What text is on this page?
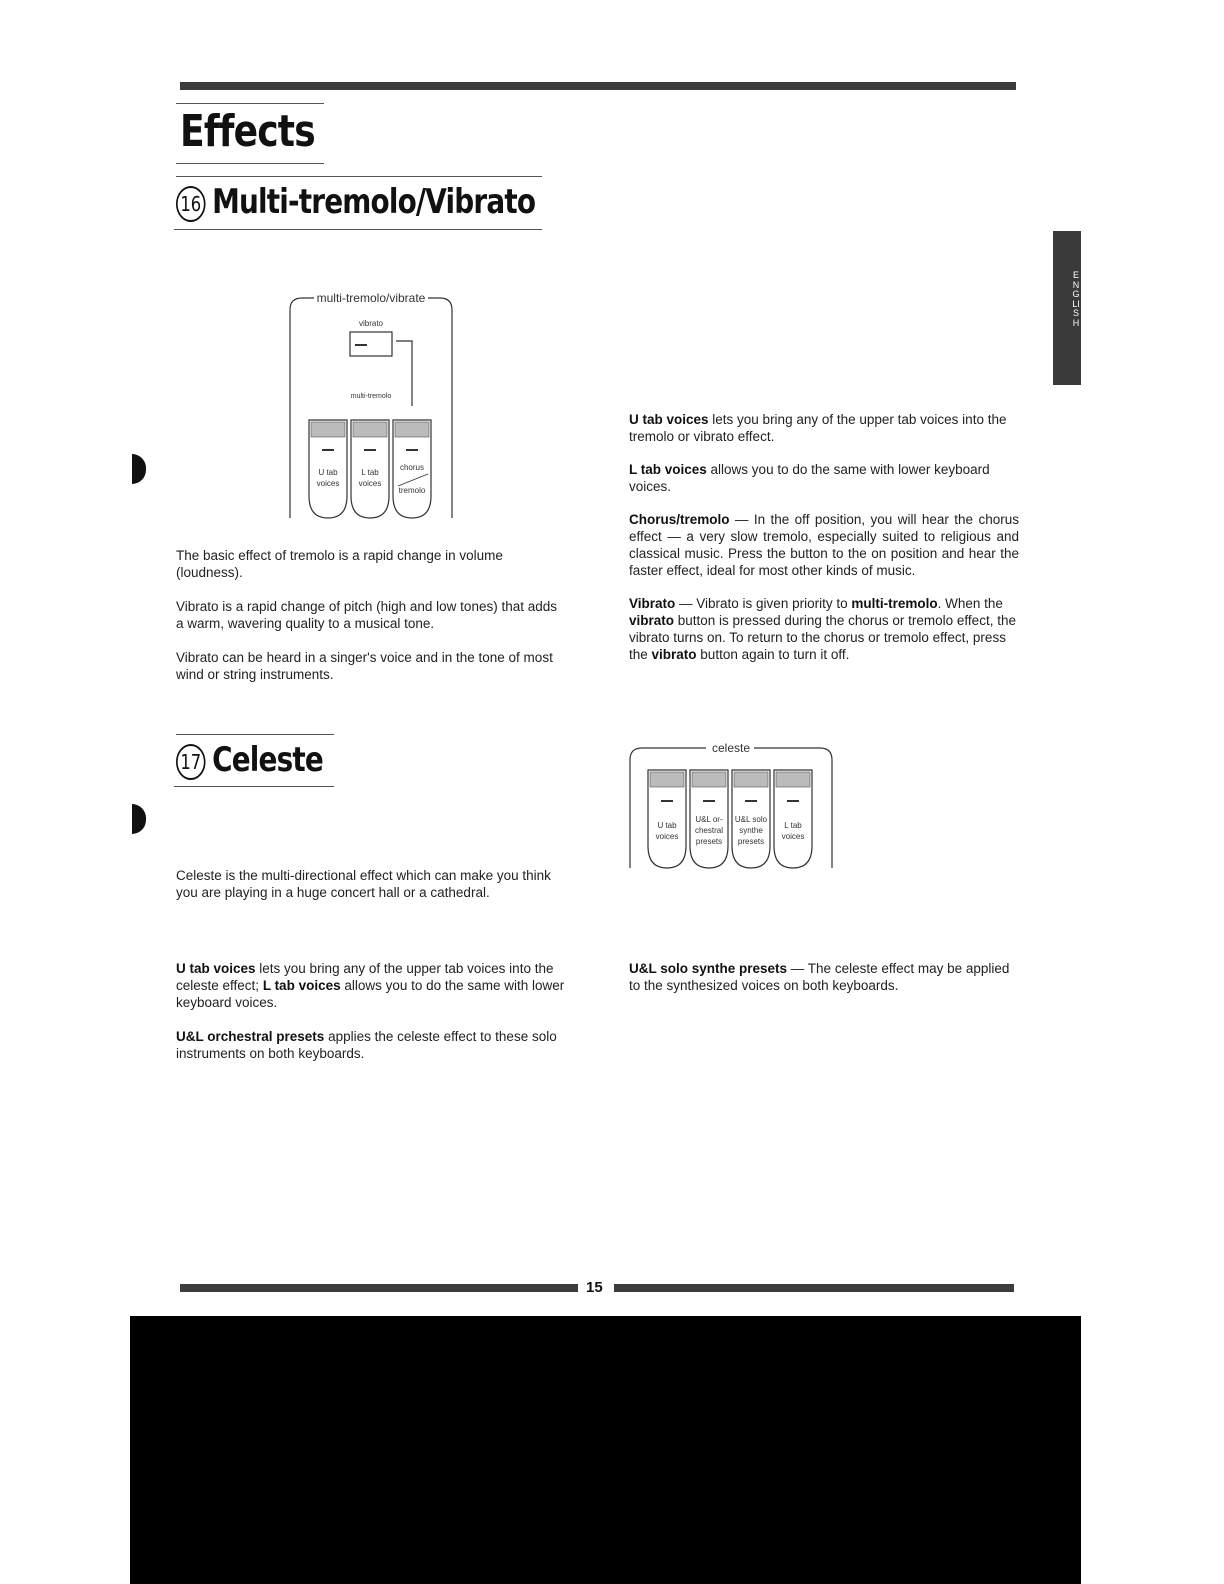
Effects
16 Multi-tremolo/Vibrato
ENGLISH
multi-tremolo/vibrate
vibrato
multi-tremolo
U tab
voices
L tab
voices
chorus
tremolo

The basic effect of tremolo is a rapid change in volume (loudness).

Vibrato is a rapid change of pitch (high and low tones) that adds a warm, wavering quality to a musical tone.

Vibrato can be heard in a singer's voice and in the tone of most wind or string instruments.

U tab voices lets you bring any of the upper tab voices into the tremolo or vibrato effect.

L tab voices allows you to do the same with lower keyboard voices.

Chorus/tremolo — In the off position, you will hear the chorus effect — a very slow tremolo, especially suited to religious and classical music. Press the button to the on position and hear the faster effect, ideal for most other kinds of music.

Vibrato — Vibrato is given priority to multi-tremolo. When the vibrato button is pressed during the chorus or tremolo effect, the vibrato turns on. To return to the chorus or tremolo effect, press the vibrato button again to turn it off.

17 Celeste	celeste
U tab
voices
U&L or-
chestral
presets
U&L solo
synthe
presets
L tab
voices

Celeste is the multi-directional effect which can make you think you are playing in a huge concert hall or a cathedral.

U tab voices lets you bring any of the upper tab voices into the celeste effect; L tab voices allows you to do the same with lower keyboard voices.

U&L orchestral presets applies the celeste effect to these solo instruments on both keyboards.

U&L solo synthe presets — The celeste effect may be applied to the synthesized voices on both keyboards.

15
